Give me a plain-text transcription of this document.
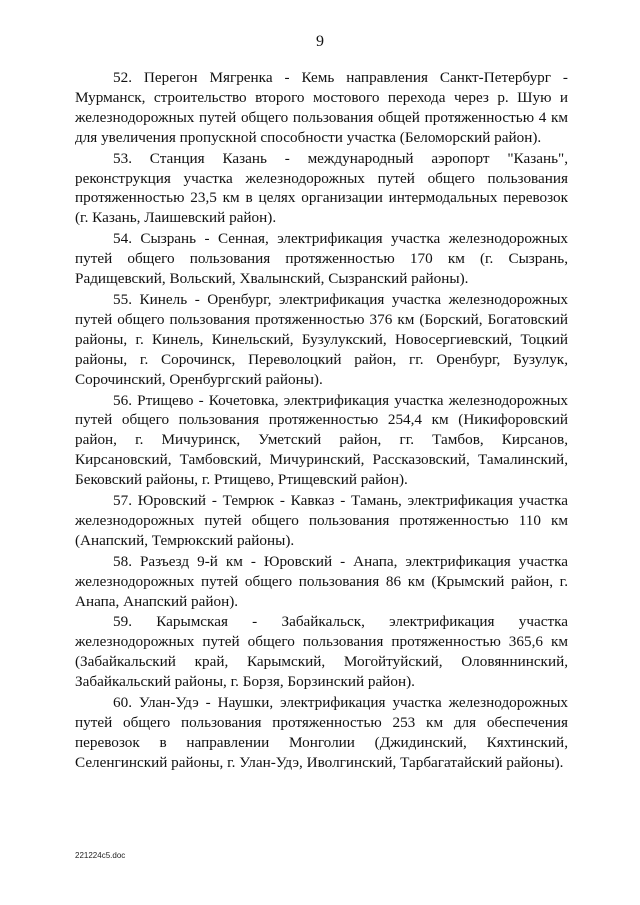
9

52. Перегон Мягренка - Кемь направления Санкт-Петербург - Мурманск, строительство второго мостового перехода через р. Шую и железнодорожных путей общего пользования общей протяженностью 4 км для увеличения пропускной способности участка (Беломорский район).

53. Станция Казань - международный аэропорт "Казань", реконструкция участка железнодорожных путей общего пользования протяженностью 23,5 км в целях организации интермодальных перевозок (г. Казань, Лаишевский район).

54. Сызрань - Сенная, электрификация участка железнодорожных путей общего пользования протяженностью 170 км (г. Сызрань, Радищевский, Вольский, Хвалынский, Сызранский районы).

55. Кинель - Оренбург, электрификация участка железнодорожных путей общего пользования протяженностью 376 км (Борский, Богатовский районы, г. Кинель, Кинельский, Бузулукский, Новосергиевский, Тоцкий районы, г. Сорочинск, Переволоцкий район, гг. Оренбург, Бузулук, Сорочинский, Оренбургский районы).

56. Ртищево - Кочетовка, электрификация участка железнодорожных путей общего пользования протяженностью 254,4 км (Никифоровский район, г. Мичуринск, Уметский район, гг. Тамбов, Кирсанов, Кирсановский, Тамбовский, Мичуринский, Рассказовский, Тамалинский, Бековский районы, г. Ртищево, Ртищевский район).

57. Юровский - Темрюк - Кавказ - Тамань, электрификация участка железнодорожных путей общего пользования протяженностью 110 км (Анапский, Темрюкский районы).

58. Разъезд 9-й км - Юровский - Анапа, электрификация участка железнодорожных путей общего пользования 86 км (Крымский район, г. Анапа, Анапский район).

59. Карымская - Забайкальск, электрификация участка железнодорожных путей общего пользования протяженностью 365,6 км (Забайкальский край, Карымский, Могойтуйский, Оловяннинский, Забайкальский районы, г. Борзя, Борзинский район).

60. Улан-Удэ - Наушки, электрификация участка железнодорожных путей общего пользования протяженностью 253 км для обеспечения перевозок в направлении Монголии (Джидинский, Кяхтинский, Селенгинский районы, г. Улан-Удэ, Иволгинский, Тарбагатайский районы).

221224c5.doc
